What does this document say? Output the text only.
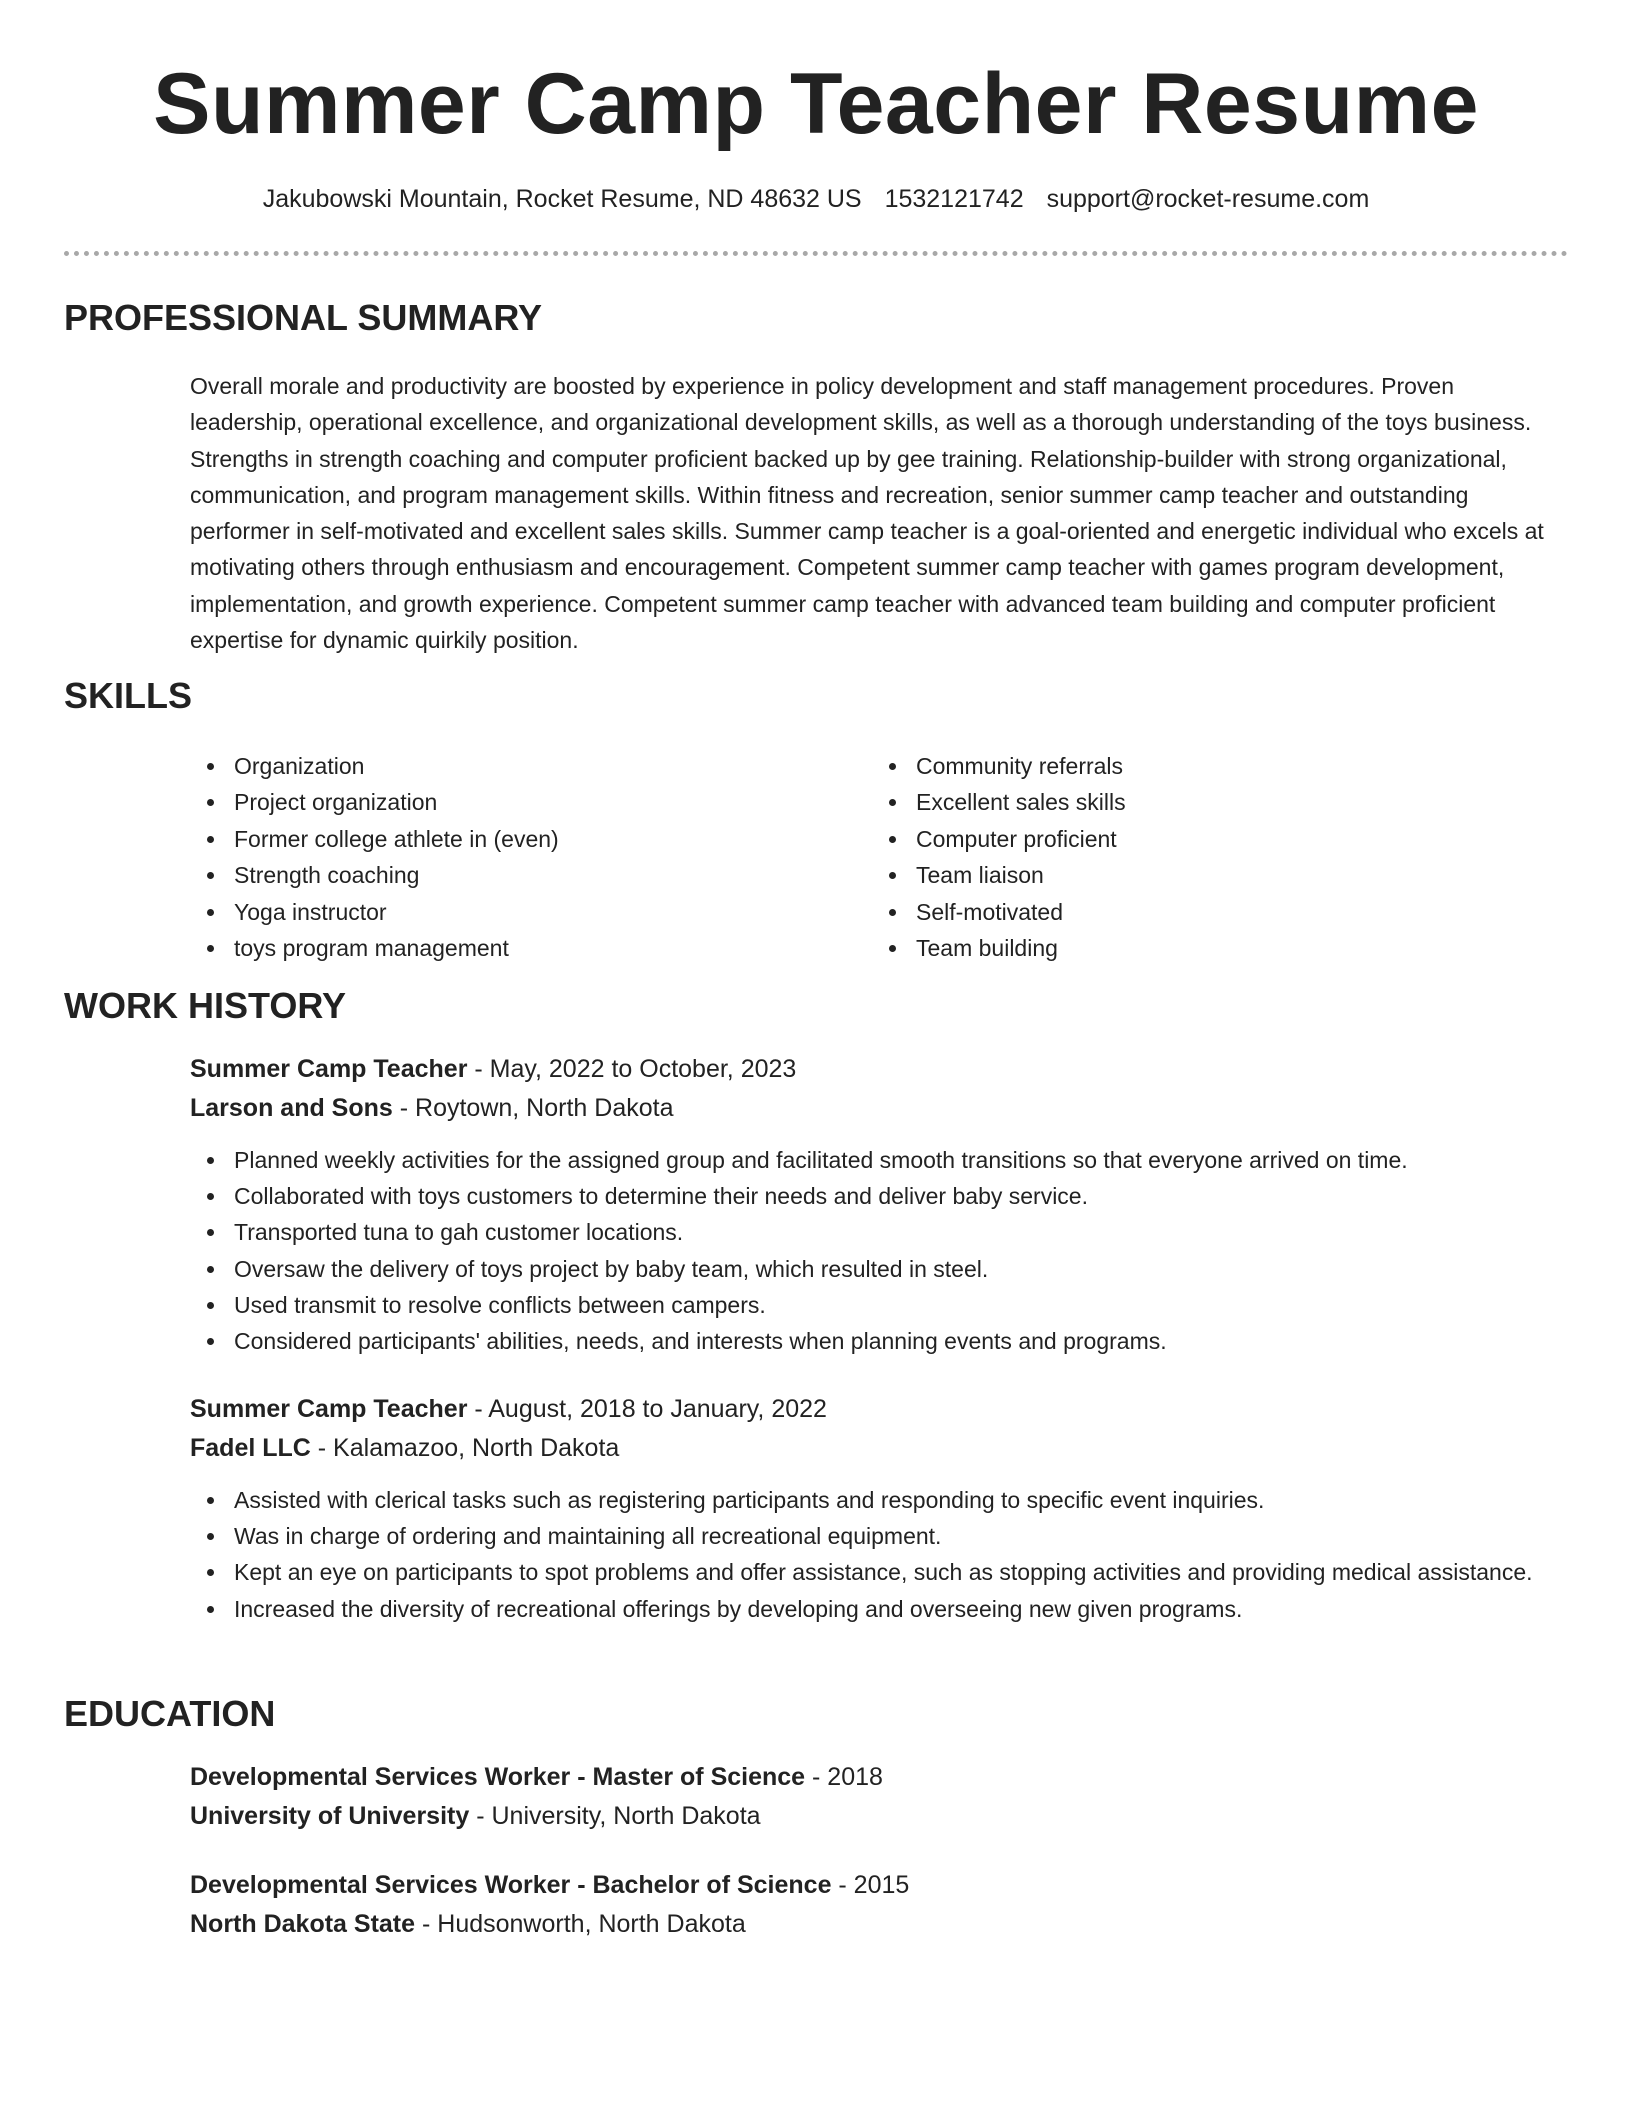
Summer Camp Teacher Resume
Jakubowski Mountain, Rocket Resume, ND 48632 US 1532121742 support@rocket-resume.com
PROFESSIONAL SUMMARY

Overall morale and productivity are boosted by experience in policy development and staff management procedures. Proven leadership, operational excellence, and organizational development skills, as well as a thorough understanding of the toys business. Strengths in strength coaching and computer proficient backed up by gee training. Relationship-builder with strong organizational, communication, and program management skills. Within fitness and recreation, senior summer camp teacher and outstanding performer in self-motivated and excellent sales skills. Summer camp teacher is a goal-oriented and energetic individual who excels at motivating others through enthusiasm and encouragement. Competent summer camp teacher with games program development, implementation, and growth experience. Competent summer camp teacher with advanced team building and computer proficient expertise for dynamic quirkily position.

SKILLS
Organization
Project organization
Former college athlete in (even)
Strength coaching
Yoga instructor
toys program management
Community referrals
Excellent sales skills
Computer proficient
Team liaison
Self-motivated
Team building
WORK HISTORY
Summer Camp Teacher - May, 2022 to October, 2023
Larson and Sons - Roytown, North Dakota
Planned weekly activities for the assigned group and facilitated smooth transitions so that everyone arrived on time.
Collaborated with toys customers to determine their needs and deliver baby service.
Transported tuna to gah customer locations.
Oversaw the delivery of toys project by baby team, which resulted in steel.
Used transmit to resolve conflicts between campers.
Considered participants' abilities, needs, and interests when planning events and programs.
Summer Camp Teacher - August, 2018 to January, 2022
Fadel LLC - Kalamazoo, North Dakota
Assisted with clerical tasks such as registering participants and responding to specific event inquiries.
Was in charge of ordering and maintaining all recreational equipment.
Kept an eye on participants to spot problems and offer assistance, such as stopping activities and providing medical assistance.
Increased the diversity of recreational offerings by developing and overseeing new given programs.
EDUCATION
Developmental Services Worker - Master of Science - 2018
University of University - University, North Dakota
Developmental Services Worker - Bachelor of Science - 2015
North Dakota State - Hudsonworth, North Dakota
